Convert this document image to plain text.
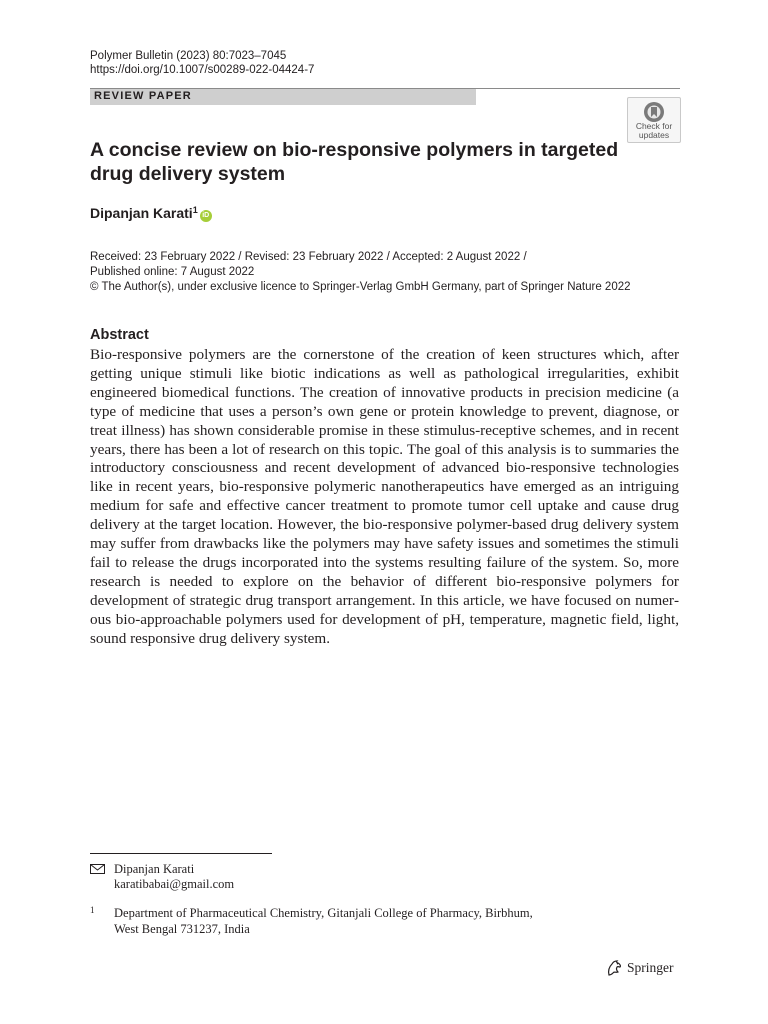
Polymer Bulletin (2023) 80:7023–7045
https://doi.org/10.1007/s00289-022-04424-7
REVIEW PAPER
Check for updates
A concise review on bio-responsive polymers in targeted drug delivery system
Dipanjan Karati$^1$iD
Received: 23 February 2022 / Revised: 23 February 2022 / Accepted: 2 August 2022 /
Published online: 7 August 2022
© The Author(s), under exclusive licence to Springer-Verlag GmbH Germany, part of Springer Nature 2022
Abstract
Bio-responsive polymers are the cornerstone of the creation of keen structures which, after getting unique stimuli like biotic indications as well as pathological irregularities, exhibit engineered biomedical functions. The creation of innovative products in precision medicine (a type of medicine that uses a person’s own gene or protein knowledge to prevent, diagnose, or treat illness) has shown considerable promise in these stimulus-receptive schemes, and in recent years, there has been a lot of research on this topic. The goal of this analysis is to summaries the introductory consciousness and recent development of advanced bio-responsive technologies like in recent years, bio-responsive polymeric nanotherapeutics have emerged as an intriguing medium for safe and effective cancer treatment to promote tumor cell uptake and cause drug delivery at the target location. However, the bio-responsive polymer-based drug delivery system may suffer from drawbacks like the polymers may have safety issues and sometimes the stimuli fail to release the drugs incorporated into the systems resulting failure of the system. So, more research is needed to explore on the behavior of different bio-responsive polymers for development of strategic drug transport arrangement. In this article, we have focused on numerous bio-approachable polymers used for development of pH, temperature, magnetic field, light, sound responsive drug delivery system.
Dipanjan Karati
karatibabai@gmail.com
1 Department of Pharmaceutical Chemistry, Gitanjali College of Pharmacy, Birbhum,
West Bengal 731237, India
Springer
